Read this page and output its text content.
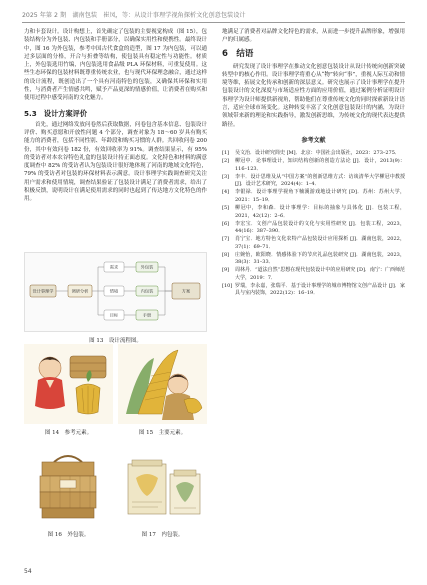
2025 年第 2 期　湖南包装　崔凤，等：从设计事理学视角探析文化创意包装设计

力和卡套设计。设计构想上，首先确定了包装的主要视觉构成（图 15），包装结构分为外包装、内包装和手册部分，以确保实用性和便携性。最终设计中，图 16 为外包装，参考中国古代食盒的造型，图 17 为内包装，可以通过多层面的分格，开合与折叠等结构，使包装具有稳定性与功能性。材质上，外包装选用竹编，内包装选用食品级 PLA 环保材料，可重复使用。这些生态环保的包装材料既尊重传统农业，也与现代环保理念融合，通过这样的设计流程，既创造出了一个具有河南特色的包装，又确保其环保和实用性，与消费者产生情感共鸣，赋予产品更深的情感价值，让消费者在购买和使用过程中感受河南的文化魅力。

5.3　设计方案评价

首先，通过网络发放问卷然后获取数据，问卷包含基本信息、包装设计评价、购买意愿和开放性问题 4 个部分，调查对象为 18～60 岁具有购买能力的消费者，包括不同性别、年龄段和购买习惯的人群。共回收问卷 200 份，其中有效问卷 182 份，有效回收率为 91%。调查结果显示，有 95% 的受访者对本农谷特色礼盒的包装设计持正面态度。文化特色和材料的满意度调查中 82% 的受访者认为包装设计很好地体现了河南的地域文化特色，79% 的受访者对包装的环保材料表示满意。设计事理学实践调查研究关注用户需求和使用情境，调查结果验证了包装设计满足了消费者需求，给出了积极反馈，说明设计在满足使用需求的同时也起到了传达地方文化特色的作用。

设计事理学	调研分析
需求
情境
目标
外包装
内包装
手册
方案
图 13　设计流程图。
图 14　参考元素。	图 15　主要元素。
图 16　外包装。	图 17　内包装。

地满足了消费者对品牌文化特色的需求，从而进一步提升品牌形象，增强用户的归属感。

6　结语

研究发现了设计事理学在推动文化创意包装设计从设计传统向创新突破转型中的核心作用。设计事理学将重心从“物”转向“事”，重视人际互动和情境等维，拓展文化传承和创新的深层意义。研究也展示了设计事理学在提升包装设计的文化深度与市场适应性方面的应用价值，通过案例分析证明设计事理学为设计师提供新视角，帮助他们在尊重传统文化的同时探索新设计语言，适应全球市场变化。这种转变丰富了文化创意包装设计的内涵，为设计领域带来新的理论和实践指导，激发创新思维，为传统文化的现代表达提供路径。

参考文献
[1]	吴文治．设计研究简史 [M]．北京：中国社会出版社，2023：273–275．
[2]	柳冠中．论事理设计，知识结构创新的创造方法论 [J]．设计，2013(9)：116–123．
[3]	李丰．设计思维及从“中国方案”的创新思维方式：访谈清华大学柳冠中教授 [J]．设计艺术研究，2024(4)：1–4．
[4]	李银禄．设计事理学视角下楠溪游戏地设计研究 [D]．苏州：苏州大学，2021：15–19．
[5]	柳冠中，李和森．设计事理学：目标的抽象与具体化 [J]．包装工程，2021，42(12)：2–6．
[6]	李宏宝．文创产品包装设计的文化与实用性研究 [J]．包装工程，2023，44(16)：387–390．
[7]	肖宁宝．地方特色文化农特产品包装设计应用探析 [J]．湖南包装，2022，37(1)：69–71．
[8]	庄婉怡，欧阳晓．情感体验下的节庆礼品包装研究 [J]．湖南包装，2023，38(3)：31–33．
[9]	周林丹．“道法自然”思想在现代包装设计中的应用研究 [D]．南宁：广西师范大学，2019：7．
[10] 罗瑞，李永嘉，张瑞平．基于设计事理学的城市博物馆文创产品设计 [J]．家具与室内装饰，2022(12)：16–19．
54
